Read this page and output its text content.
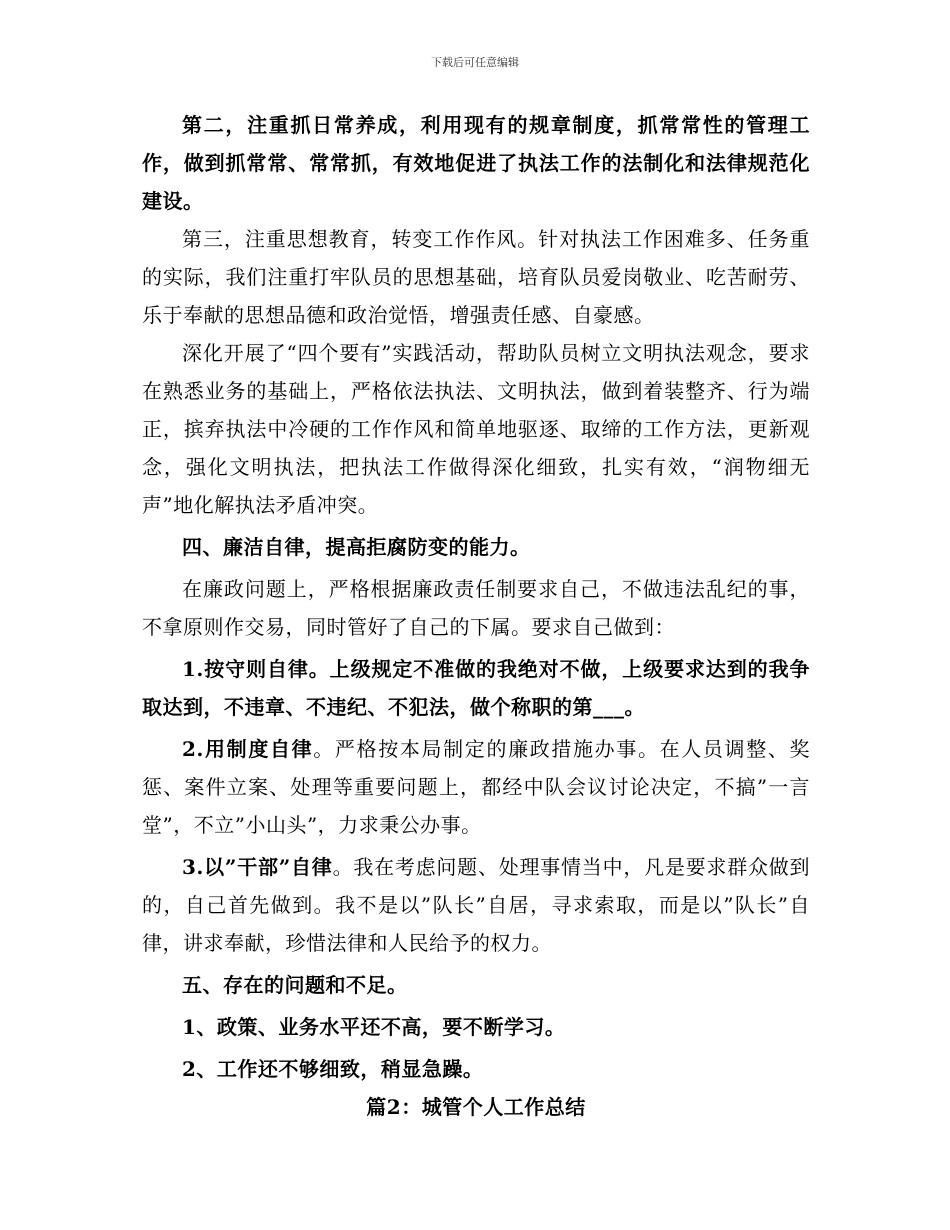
下载后可任意编辑

第二，注重抓日常养成，利用现有的规章制度，抓常常性的管理工作，做到抓常常、常常抓，有效地促进了执法工作的法制化和法律规范化建设。

第三，注重思想教育，转变工作作风。针对执法工作困难多、任务重的实际，我们注重打牢队员的思想基础，培育队员爱岗敬业、吃苦耐劳、乐于奉献的思想品德和政治觉悟，增强责任感、自豪感。

深化开展了“四个要有”实践活动，帮助队员树立文明执法观念，要求在熟悉业务的基础上，严格依法执法、文明执法，做到着装整齐、行为端正，摈弃执法中冷硬的工作作风和简单地驱逐、取缔的工作方法，更新观念，强化文明执法，把执法工作做得深化细致，扎实有效，“润物细无声”地化解执法矛盾冲突。

四、廉洁自律，提高拒腐防变的能力。

在廉政问题上，严格根据廉政责任制要求自己，不做违法乱纪的事，不拿原则作交易，同时管好了自己的下属。要求自己做到：

1.按守则自律。上级规定不准做的我绝对不做，上级要求达到的我争取达到，不违章、不违纪、不犯法，做个称职的第___。

2.用制度自律。严格按本局制定的廉政措施办事。在人员调整、奖惩、案件立案、处理等重要问题上，都经中队会议讨论决定，不搞”一言堂”，不立”小山头”，力求秉公办事。

3.以”干部”自律。我在考虑问题、处理事情当中，凡是要求群众做到的，自己首先做到。我不是以”队长”自居，寻求索取，而是以”队长”自律，讲求奉献，珍惜法律和人民给予的权力。

五、存在的问题和不足。

1、政策、业务水平还不高，要不断学习。

2、工作还不够细致，稍显急躁。

篇2：城管个人工作总结
